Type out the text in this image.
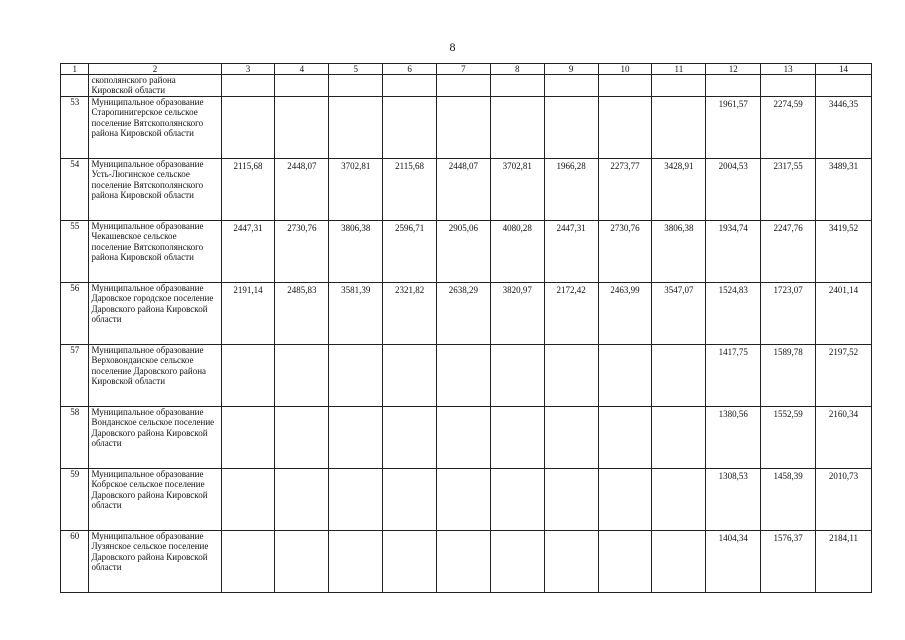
8
1	2	3	4	5	6	7	8	9	10	11	12	13	14
	скополянского района Кировской области												
53	Муниципальное образование Старопинигерское сельское поселение Вятскополянского района Кировской области										1961,57	2274,59	3446,35
54	Муниципальное образование Усть-Люгинское сельское поселение Вятскополянского района Кировской области	2115,68	2448,07	3702,81	2115,68	2448,07	3702,81	1966,28	2273,77	3428,91	2004,53	2317,55	3489,31
55	Муниципальное образование Чекашевское сельское поселение Вятскополянского района Кировской области	2447,31	2730,76	3806,38	2596,71	2905,06	4080,28	2447,31	2730,76	3806,38	1934,74	2247,76	3419,52
56	Муниципальное образование Даровское городское поселение Даровского района Кировской области	2191,14	2485,83	3581,39	2321,82	2638,29	3820,97	2172,42	2463,99	3547,07	1524,83	1723,07	2401,14
57	Муниципальное образование Верховондаиское сельское поселение Даровского района Кировской области										1417,75	1589,78	2197,52
58	Муниципальное образование Вонданское сельское поселение Даровского района Кировской области										1380,56	1552,59	2160,34
59	Муниципальное образование Кобрское сельское поселение Даровского района Кировской области										1308,53	1458,39	2010,73
60	Муниципальное образование Лузянское сельское поселение Даровского района Кировской области										1404,34	1576,37	2184,11
